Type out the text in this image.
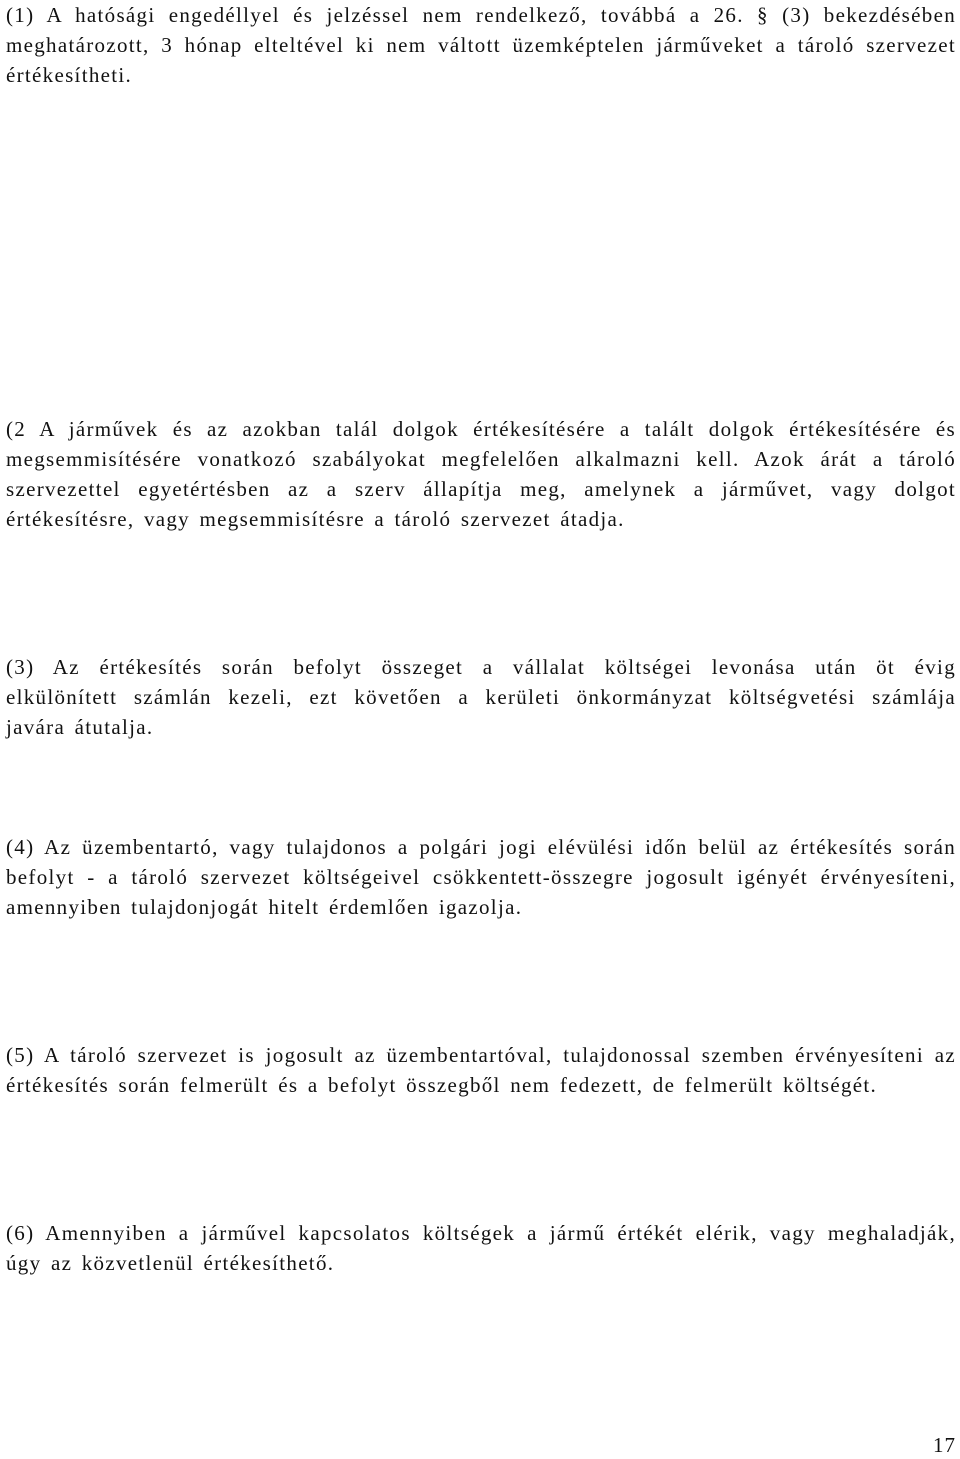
(1) A hatósági engedéllyel és jelzéssel nem rendelkező, továbbá a 26. § (3) bekezdésében meghatározott, 3 hónap elteltével ki nem váltott üzemképtelen járműveket a tároló szervezet értékesítheti.

(2 A járművek és az azokban talál dolgok értékesítésére a talált dolgok értékesítésére és megsemmisítésére vonatkozó szabályokat megfelelően alkalmazni kell. Azok árát a tároló szervezettel egyetértésben az a szerv állapítja meg, amelynek a járművet, vagy dolgot értékesítésre, vagy megsemmisítésre a tároló szervezet átadja.

(3) Az értékesítés során befolyt összeget a vállalat költségei levonása után öt évig elkülönített számlán kezeli, ezt követően a kerületi önkormányzat költségvetési számlája javára átutalja.

(4) Az üzembentartó, vagy tulajdonos a polgári jogi elévülési időn belül az értékesítés során befolyt - a tároló szervezet költségeivel csökkentett-összegre jogosult igényét érvényesíteni, amennyiben tulajdonjogát hitelt érdemlően igazolja.

(5) A tároló szervezet is jogosult az üzembentartóval, tulajdonossal szemben érvényesíteni az értékesítés során felmerült és a befolyt összegből nem fedezett, de felmerült költségét.

(6) Amennyiben a járművel kapcsolatos költségek a jármű értékét elérik, vagy meghaladják, úgy az közvetlenül értékesíthető.

17
